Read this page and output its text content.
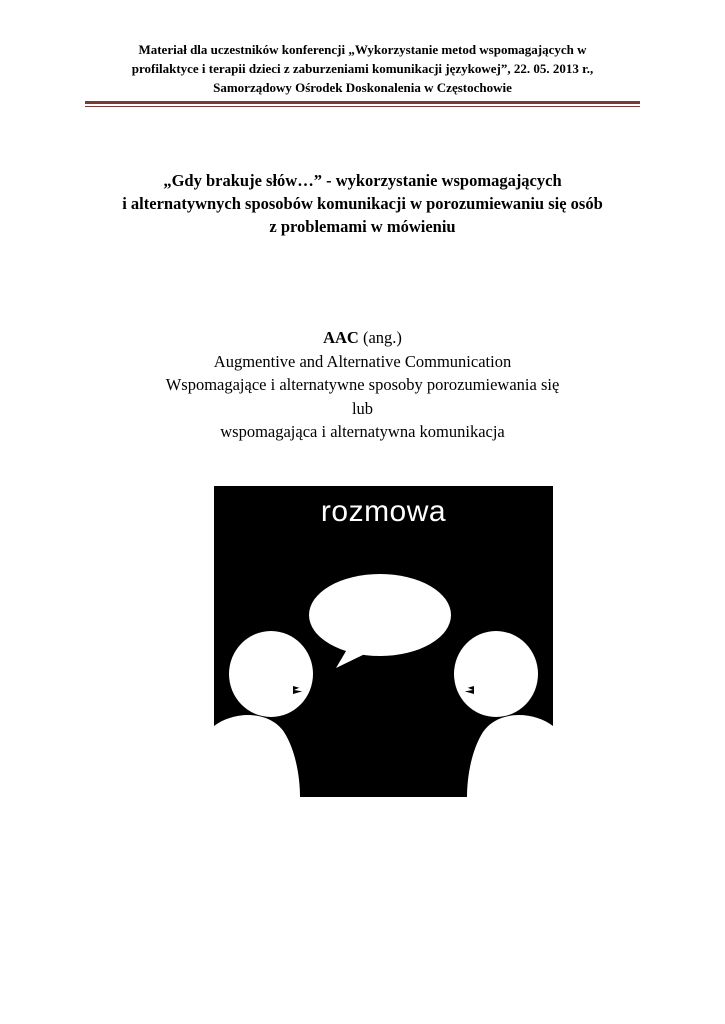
Materiał dla uczestników konferencji „Wykorzystanie metod wspomagających w
profilaktyce i terapii dzieci z zaburzeniami komunikacji językowej”, 22. 05. 2013 r.,
Samorządowy Ośrodek Doskonalenia w Częstochowie
„Gdy brakuje słów…” - wykorzystanie wspomagających
i alternatywnych sposobów komunikacji w porozumiewaniu się osób
z problemami w mówieniu
AAC (ang.)
Augmentive and Alternative Communication
Wspomagające i alternatywne sposoby porozumiewania się
lub
wspomagająca i alternatywna komunikacja
rozmowa
